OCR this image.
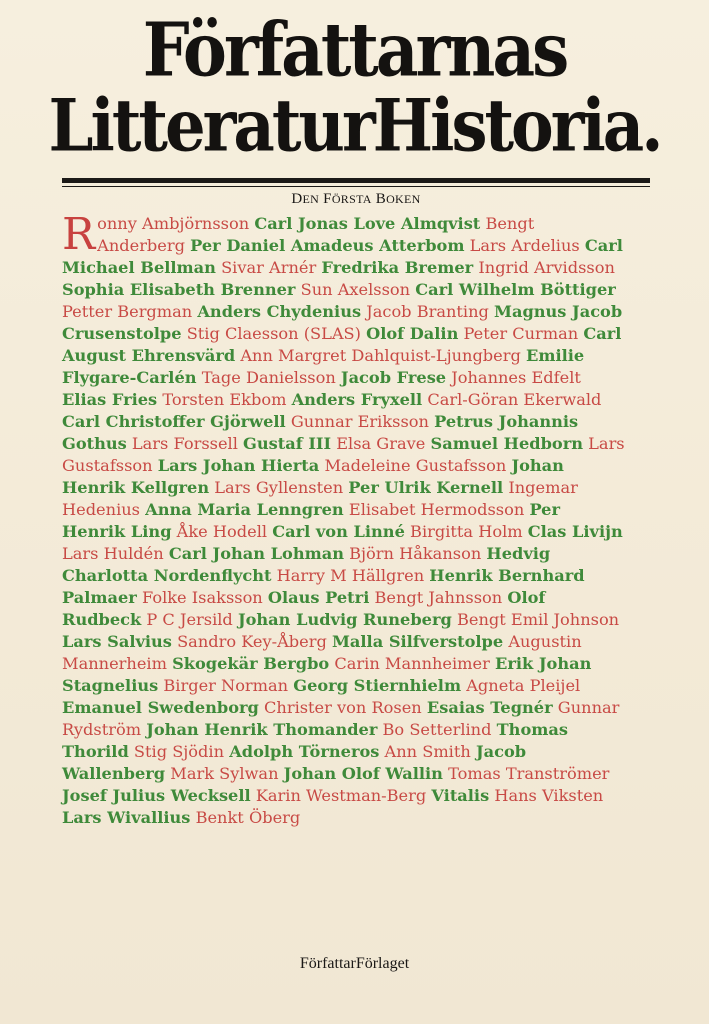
Författarnas
LitteraturHistoria.
DEN FÖRSTA BOKEN
R onny Ambjörnsson Carl Jonas Love Almqvist Bengt Anderberg Per Daniel Amadeus Atterbom Lars Ardelius Carl Michael Bellman Sivar Arnér Fredrika Bremer Ingrid Arvidsson Sophia Elisabeth Brenner Sun Axelsson Carl Wilhelm Böttiger Petter Bergman Anders Chydenius Jacob Branting Magnus Jacob Crusenstolpe Stig Claesson (SLAS) Olof Dalin Peter Curman Carl August Ehrensvärd Ann Margret Dahlquist-Ljungberg Emilie Flygare-Carlén Tage Danielsson Jacob Frese Johannes Edfelt Elias Fries Torsten Ekbom Anders Fryxell Carl-Göran Ekerwald Carl Christoffer Gjörwell Gunnar Eriksson Petrus Johannis Gothus Lars Forssell Gustaf III Elsa Grave Samuel Hedborn Lars Gustafsson Lars Johan Hierta Madeleine Gustafsson Johan Henrik Kellgren Lars Gyllensten Per Ulrik Kernell Ingemar Hedenius Anna Maria Lenngren Elisabet Hermodsson Per Henrik Ling Åke Hodell Carl von Linné Birgitta Holm Clas Livijn Lars Huldén Carl Johan Lohman Björn Håkanson Hedvig Charlotta Nordenflycht Harry M Hällgren Henrik Bernhard Palmaer Folke Isaksson Olaus Petri Bengt Jahnsson Olof Rudbeck P C Jersild Johan Ludvig Runeberg Bengt Emil Johnson Lars Salvius Sandro Key-Åberg Malla Silfverstolpe Augustin Mannerheim Skogekär Bergbo Carin Mannheimer Erik Johan Stagnelius Birger Norman Georg Stiernhielm Agneta Pleijel Emanuel Swedenborg Christer von Rosen Esaias Tegnér Gunnar Rydström Johan Henrik Thomander Bo Setterlind Thomas Thorild Stig Sjödin Adolph Törneros Ann Smith Jacob Wallenberg Mark Sylwan Johan Olof Wallin Tomas Tranströmer Josef Julius Wecksell Karin Westman-Berg Vitalis Hans Viksten Lars Wivallius Benkt Öberg
FörfattarFörlaget
